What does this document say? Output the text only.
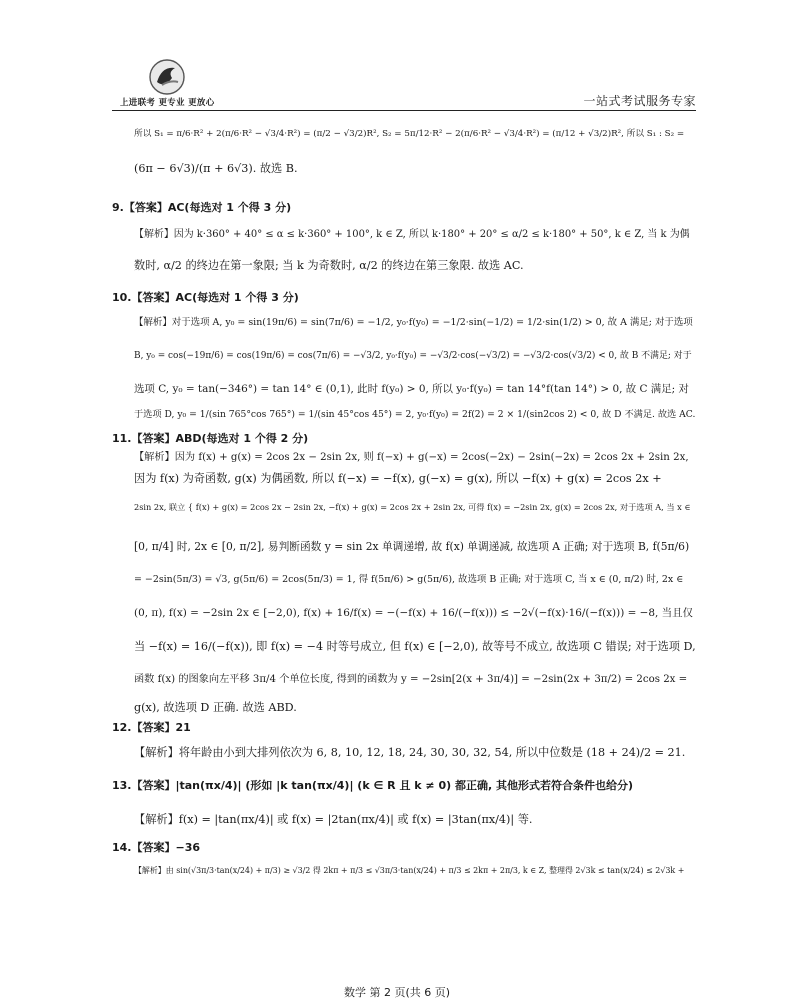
上进联考 更专业 更放心	一站式考试服务专家
所以 S₁ = π/6·R² + 2(π/6·R² − √3/4·R²) = (π/2 − √3/2)R², S₂ = 5π/12·R² − 2(π/6·R² − √3/4·R²) = (π/12 + √3/2)R², 所以 S₁ : S₂ =
(6π − 6√3)/(π + 6√3). 故选 B.
9.【答案】AC(每选对 1 个得 3 分)
【解析】因为 k·360° + 40° ≤ α ≤ k·360° + 100°, k ∈ Z, 所以 k·180° + 20° ≤ α/2 ≤ k·180° + 50°, k ∈ Z, 当 k 为偶
数时, α/2 的终边在第一象限; 当 k 为奇数时, α/2 的终边在第三象限. 故选 AC.
10.【答案】AC(每选对 1 个得 3 分)
【解析】对于选项 A, y₀ = sin(19π/6) = sin(7π/6) = −1/2, y₀·f(y₀) = −1/2·sin(−1/2) = 1/2·sin(1/2) > 0, 故 A 满足; 对于选项
B, y₀ = cos(−19π/6) = cos(19π/6) = cos(7π/6) = −√3/2, y₀·f(y₀) = −√3/2·cos(−√3/2) = −√3/2·cos(√3/2) < 0, 故 B 不满足; 对于
选项 C, y₀ = tan(−346°) = tan 14° ∈ (0,1), 此时 f(y₀) > 0, 所以 y₀·f(y₀) = tan 14°f(tan 14°) > 0, 故 C 满足; 对
于选项 D, y₀ = 1/(sin 765°cos 765°) = 1/(sin 45°cos 45°) = 2, y₀·f(y₀) = 2f(2) = 2 × 1/(sin2cos 2) < 0, 故 D 不满足. 故选 AC.
11.【答案】ABD(每选对 1 个得 2 分)
【解析】因为 f(x) + g(x) = 2cos 2x − 2sin 2x, 则 f(−x) + g(−x) = 2cos(−2x) − 2sin(−2x) = 2cos 2x + 2sin 2x,
因为 f(x) 为奇函数, g(x) 为偶函数, 所以 f(−x) = −f(x), g(−x) = g(x), 所以 −f(x) + g(x) = 2cos 2x +
2sin 2x, 联立 { f(x) + g(x) = 2cos 2x − 2sin 2x, −f(x) + g(x) = 2cos 2x + 2sin 2x, 可得 f(x) = −2sin 2x, g(x) = 2cos 2x, 对于选项 A, 当 x ∈
[0, π/4] 时, 2x ∈ [0, π/2], 易判断函数 y = sin 2x 单调递增, 故 f(x) 单调递减, 故选项 A 正确; 对于选项 B, f(5π/6)
= −2sin(5π/3) = √3, g(5π/6) = 2cos(5π/3) = 1, 得 f(5π/6) > g(5π/6), 故选项 B 正确; 对于选项 C, 当 x ∈ (0, π/2) 时, 2x ∈
(0, π), f(x) = −2sin 2x ∈ [−2,0), f(x) + 16/f(x) = −(−f(x) + 16/(−f(x))) ≤ −2√(−f(x)·16/(−f(x))) = −8, 当且仅
当 −f(x) = 16/(−f(x)), 即 f(x) = −4 时等号成立, 但 f(x) ∈ [−2,0), 故等号不成立, 故选项 C 错误; 对于选项 D,
函数 f(x) 的图象向左平移 3π/4 个单位长度, 得到的函数为 y = −2sin[2(x + 3π/4)] = −2sin(2x + 3π/2) = 2cos 2x =
g(x), 故选项 D 正确. 故选 ABD.
12.【答案】21
【解析】将年龄由小到大排列依次为 6, 8, 10, 12, 18, 24, 30, 30, 32, 54, 所以中位数是 (18 + 24)/2 = 21.
13.【答案】|tan(πx/4)| (形如 |k tan(πx/4)| (k ∈ R 且 k ≠ 0) 都正确, 其他形式若符合条件也给分)
【解析】f(x) = |tan(πx/4)| 或 f(x) = |2tan(πx/4)| 或 f(x) = |3tan(πx/4)| 等.
14.【答案】−36
【解析】由 sin(√3π/3·tan(x/24) + π/3) ≥ √3/2 得 2kπ + π/3 ≤ √3π/3·tan(x/24) + π/3 ≤ 2kπ + 2π/3, k ∈ Z, 整理得 2√3k ≤ tan(x/24) ≤ 2√3k +
数学 第 2 页(共 6 页)
